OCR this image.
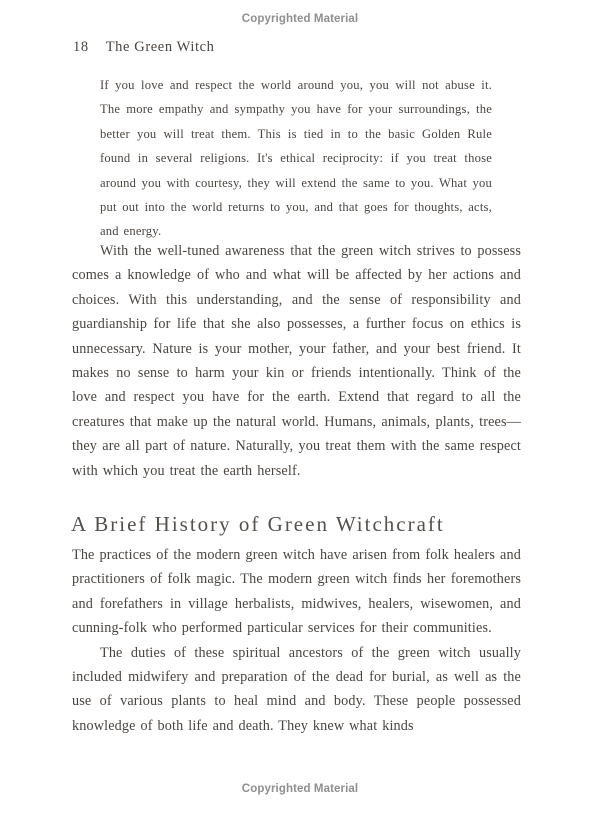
Copyrighted Material
18 The Green Witch
If you love and respect the world around you, you will not abuse it. The more empathy and sympathy you have for your surroundings, the better you will treat them. This is tied in to the basic Golden Rule found in several religions. It's ethical reciprocity: if you treat those around you with courtesy, they will extend the same to you. What you put out into the world returns to you, and that goes for thoughts, acts, and energy.

With the well-tuned awareness that the green witch strives to possess comes a knowledge of who and what will be affected by her actions and choices. With this understanding, and the sense of responsibility and guardianship for life that she also possesses, a further focus on ethics is unnecessary. Nature is your mother, your father, and your best friend. It makes no sense to harm your kin or friends intentionally. Think of the love and respect you have for the earth. Extend that regard to all the creatures that make up the natural world. Humans, animals, plants, trees—they are all part of nature. Naturally, you treat them with the same respect with which you treat the earth herself.

A Brief History of Green Witchcraft

The practices of the modern green witch have arisen from folk healers and practitioners of folk magic. The modern green witch finds her foremothers and forefathers in village herbalists, midwives, healers, wisewomen, and cunning-folk who performed particular services for their communities.

The duties of these spiritual ancestors of the green witch usually included midwifery and preparation of the dead for burial, as well as the use of various plants to heal mind and body. These people possessed knowledge of both life and death. They knew what kinds

Copyrighted Material
